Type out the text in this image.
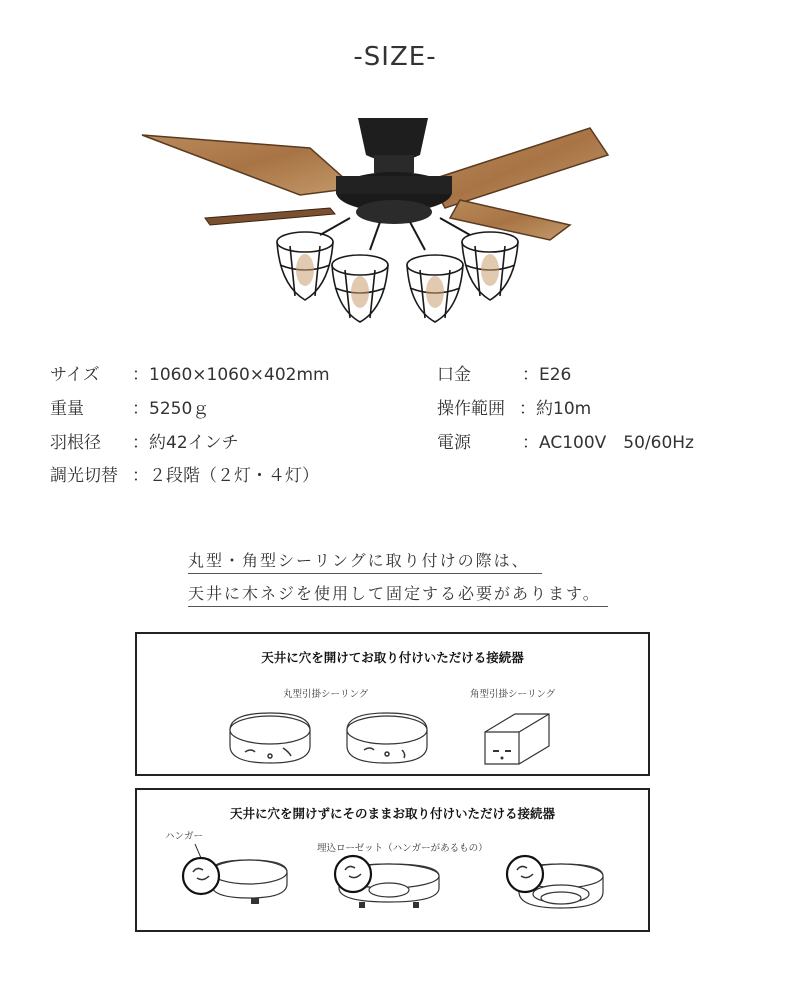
-SIZE-
サイズ ：1060×1060×402mm
重量	：5250ｇ
羽根径 ：約42インチ
調光切替 ：２段階（２灯・４灯）
口金	：E26
操作範囲 ：約10m
電源	：AC100V　50/60Hz
丸型・角型シーリングに取り付けの際は、
天井に木ネジを使用して固定する必要があります。
天井に穴を開けてお取り付けいただける接続器
丸型引掛シーリング	角型引掛シーリング
天井に穴を開けずにそのままお取り付けいただける接続器
ハンガー
埋込ローゼット（ハンガーがあるもの）
